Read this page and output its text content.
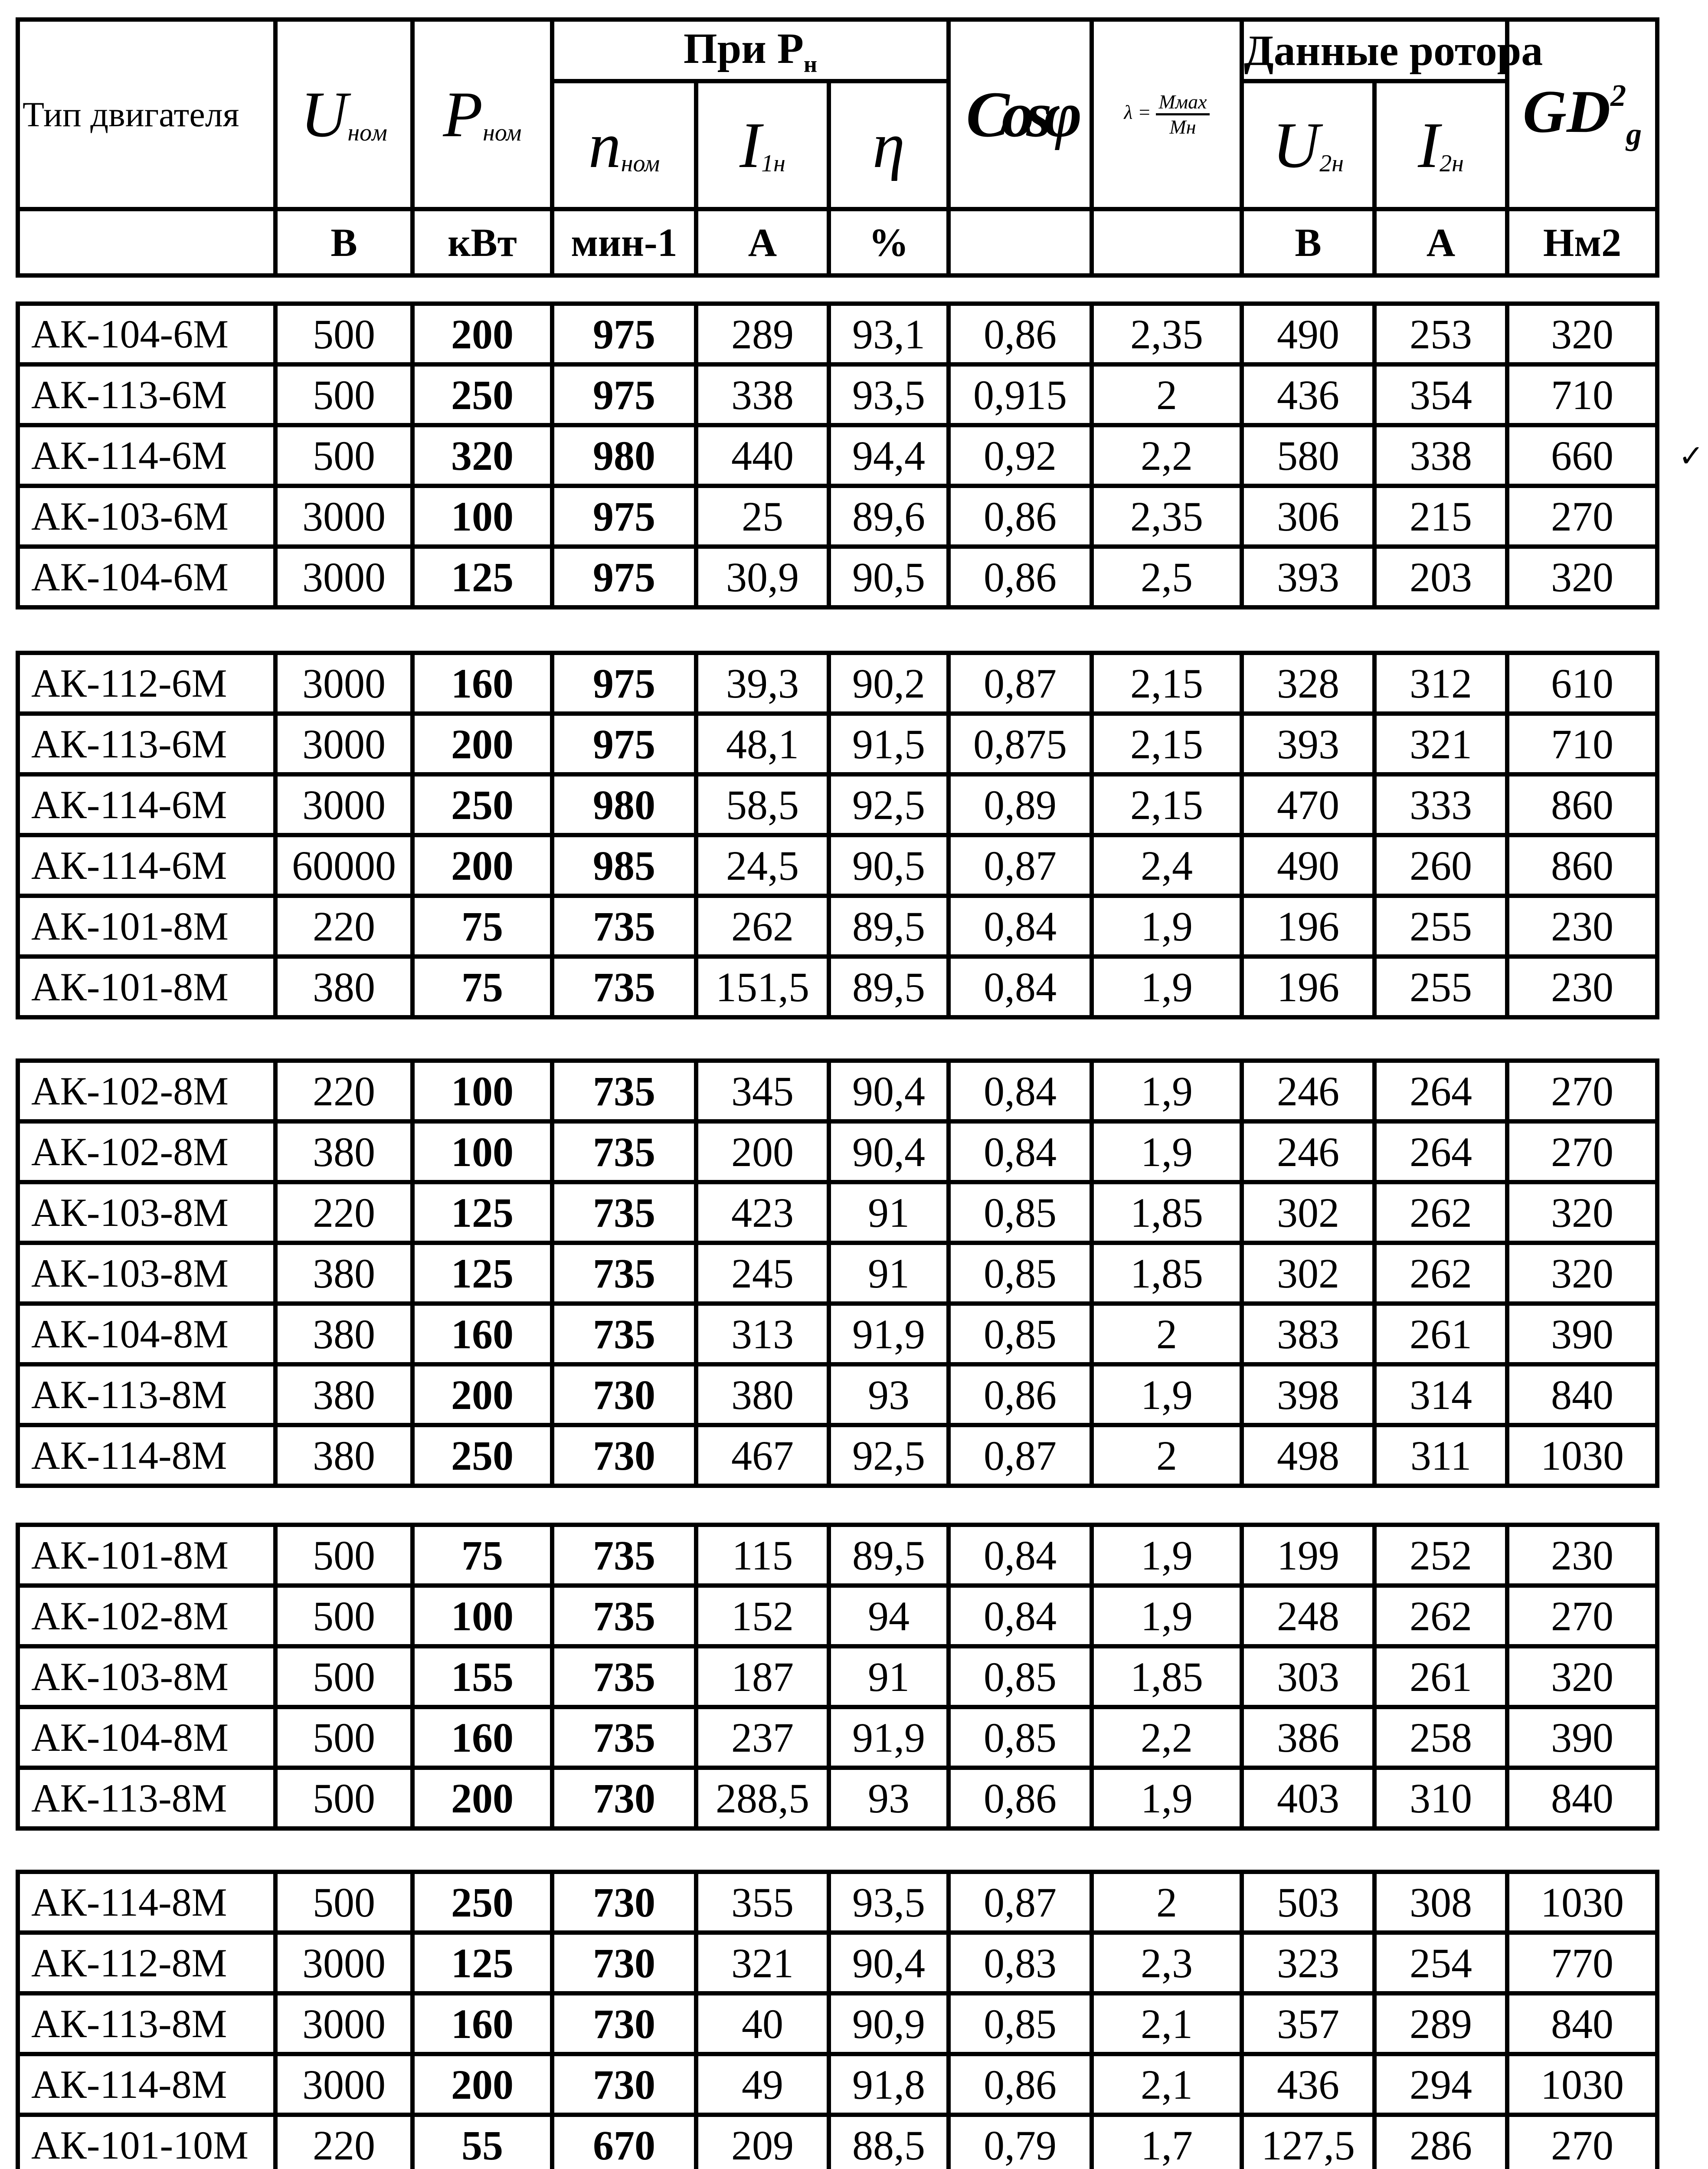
Тип двигателя	$U_{нoм}$	$P_{ном}$	При $Р_н$			Cosφ	$\lambda = \frac{\text{Mмах}}{Мн}$	Данные ротора		$GD^2_g$
			$n_{ном}$	$I_{1н}$	η			$U_{2н}$	$I_{2н}$
	В	кВт	мин-1	А	%			В	А	Нм2
АК-104-6М	500	200	975	289	93,1	0,86	2,35	490	253	320
АК-113-6М	500	250	975	338	93,5	0,915	2	436	354	710
АК-114-6М	500	320	980	440	94,4	0,92	2,2	580	338	660
АК-103-6М	3000	100	975	25	89,6	0,86	2,35	306	215	270
АК-104-6М	3000	125	975	30,9	90,5	0,86	2,5	393	203	320
АК-112-6М	3000	160	975	39,3	90,2	0,87	2,15	328	312	610
АК-113-6М	3000	200	975	48,1	91,5	0,875	2,15	393	321	710
АК-114-6М	3000	250	980	58,5	92,5	0,89	2,15	470	333	860
АК-114-6М	60000	200	985	24,5	90,5	0,87	2,4	490	260	860
АК-101-8М	220	75	735	262	89,5	0,84	1,9	196	255	230
АК-101-8М	380	75	735	151,5	89,5	0,84	1,9	196	255	230
АК-102-8М	220	100	735	345	90,4	0,84	1,9	246	264	270
АК-102-8М	380	100	735	200	90,4	0,84	1,9	246	264	270
АК-103-8М	220	125	735	423	91	0,85	1,85	302	262	320
АК-103-8М	380	125	735	245	91	0,85	1,85	302	262	320
АК-104-8М	380	160	735	313	91,9	0,85	2	383	261	390
АК-113-8М	380	200	730	380	93	0,86	1,9	398	314	840
АК-114-8М	380	250	730	467	92,5	0,87	2	498	311	1030
АК-101-8М	500	75	735	115	89,5	0,84	1,9	199	252	230
АК-102-8М	500	100	735	152	94	0,84	1,9	248	262	270
АК-103-8М	500	155	735	187	91	0,85	1,85	303	261	320
АК-104-8М	500	160	735	237	91,9	0,85	2,2	386	258	390
АК-113-8М	500	200	730	288,5	93	0,86	1,9	403	310	840
АК-114-8М	500	250	730	355	93,5	0,87	2	503	308	1030
АК-112-8М	3000	125	730	321	90,4	0,83	2,3	323	254	770
АК-113-8М	3000	160	730	40	90,9	0,85	2,1	357	289	840
АК-114-8М	3000	200	730	49	91,8	0,86	2,1	436	294	1030
АК-101-10М	220	55	670	209	88,5	0,79	1,7	127,5	286	270

✓
